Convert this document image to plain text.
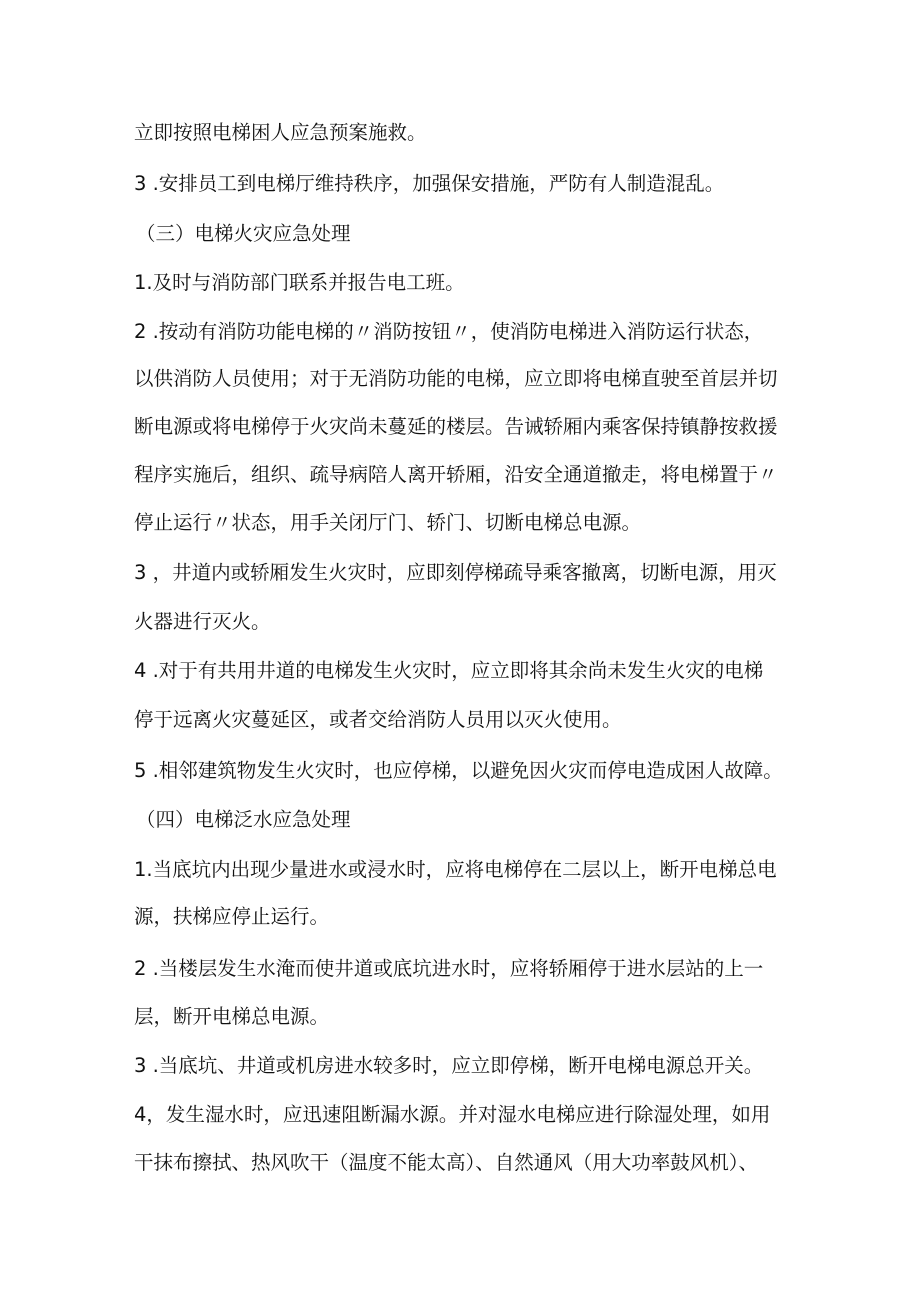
立即按照电梯困人应急预案施救。
3 .安排员工到电梯厅维持秩序，加强保安措施，严防有人制造混乱。
（三）电梯火灾应急处理
1.及时与消防部门联系并报告电工班。
2 .按动有消防功能电梯的〃消防按钮〃，使消防电梯进入消防运行状态，
以供消防人员使用；对于无消防功能的电梯，应立即将电梯直驶至首层并切
断电源或将电梯停于火灾尚未蔓延的楼层。告诫轿厢内乘客保持镇静按救援
程序实施后，组织、疏导病陪人离开轿厢，沿安全通道撤走，将电梯置于〃
停止运行〃状态，用手关闭厅门、轿门、切断电梯总电源。
3 ，井道内或轿厢发生火灾时，应即刻停梯疏导乘客撤离，切断电源，用灭
火器进行灭火。
4 .对于有共用井道的电梯发生火灾时，应立即将其余尚未发生火灾的电梯
停于远离火灾蔓延区，或者交给消防人员用以灭火使用。
5 .相邻建筑物发生火灾时，也应停梯，以避免因火灾而停电造成困人故障。
（四）电梯泛水应急处理
1.当底坑内出现少量进水或浸水时，应将电梯停在二层以上，断开电梯总电
源，扶梯应停止运行。
2 .当楼层发生水淹而使井道或底坑进水时，应将轿厢停于进水层站的上一
层，断开电梯总电源。
3 .当底坑、井道或机房进水较多时，应立即停梯，断开电梯电源总开关。
4，发生湿水时，应迅速阻断漏水源。并对湿水电梯应进行除湿处理，如用
干抹布擦拭、热风吹干（温度不能太高）、自然通风（用大功率鼓风机）、
